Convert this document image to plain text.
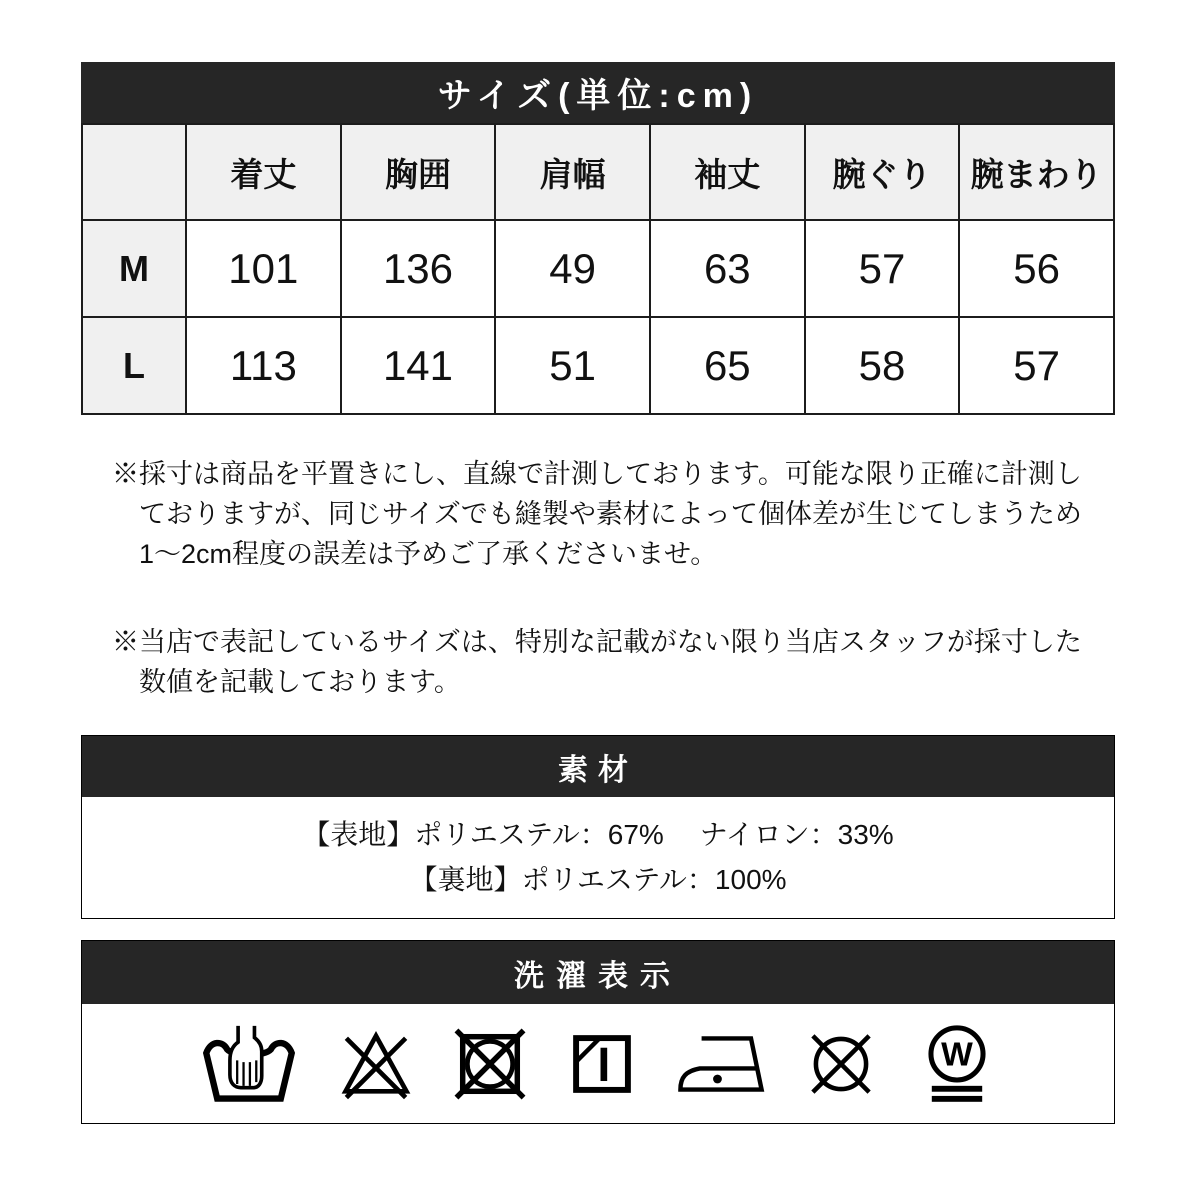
サイズ(単位:cm)
	着丈	胸囲	肩幅	袖丈	腕ぐり	腕まわり
M	101	136	49	63	57	56
L	113	141	51	65	58	57
※採寸は商品を平置きにし、直線で計測しております。可能な限り正確に計測し
ておりますが、同じサイズでも縫製や素材によって個体差が生じてしまうため
1〜2cm程度の誤差は予めご了承くださいませ。
※当店で表記しているサイズは、特別な記載がない限り当店スタッフが採寸した
数値を記載しております。
素材
【表地】ポリエステル：67%　 ナイロン：33%
【裏地】ポリエステル：100%
洗濯表示
W
